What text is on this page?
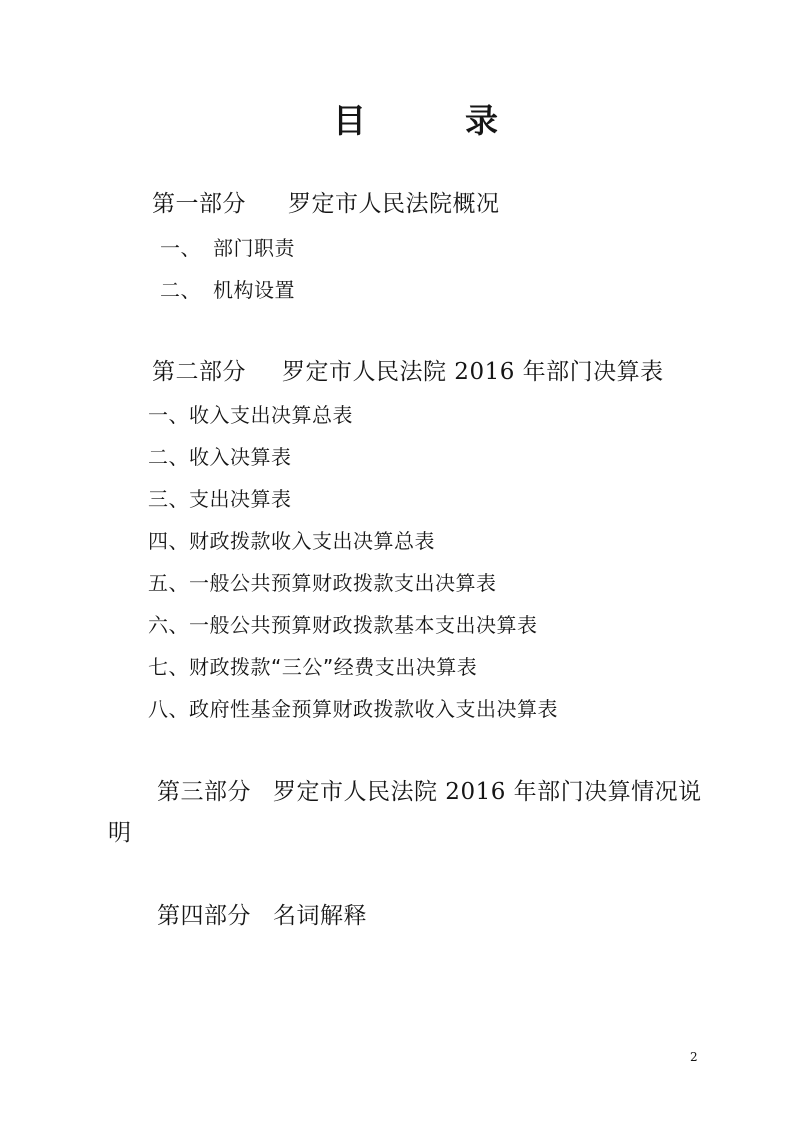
目	录
第一部分 罗定市人民法院概况
一、 部门职责
二、 机构设置
第二部分 罗定市人民法院 2016 年部门决算表
一、收入支出决算总表
二、收入决算表
三、支出决算表
四、财政拨款收入支出决算总表
五、一般公共预算财政拨款支出决算表
六、一般公共预算财政拨款基本支出决算表
七、财政拨款“三公”经费支出决算表
八、政府性基金预算财政拨款收入支出决算表
第三部分 罗定市人民法院 2016 年部门决算情况说
明
第四部分 名词解释
2
